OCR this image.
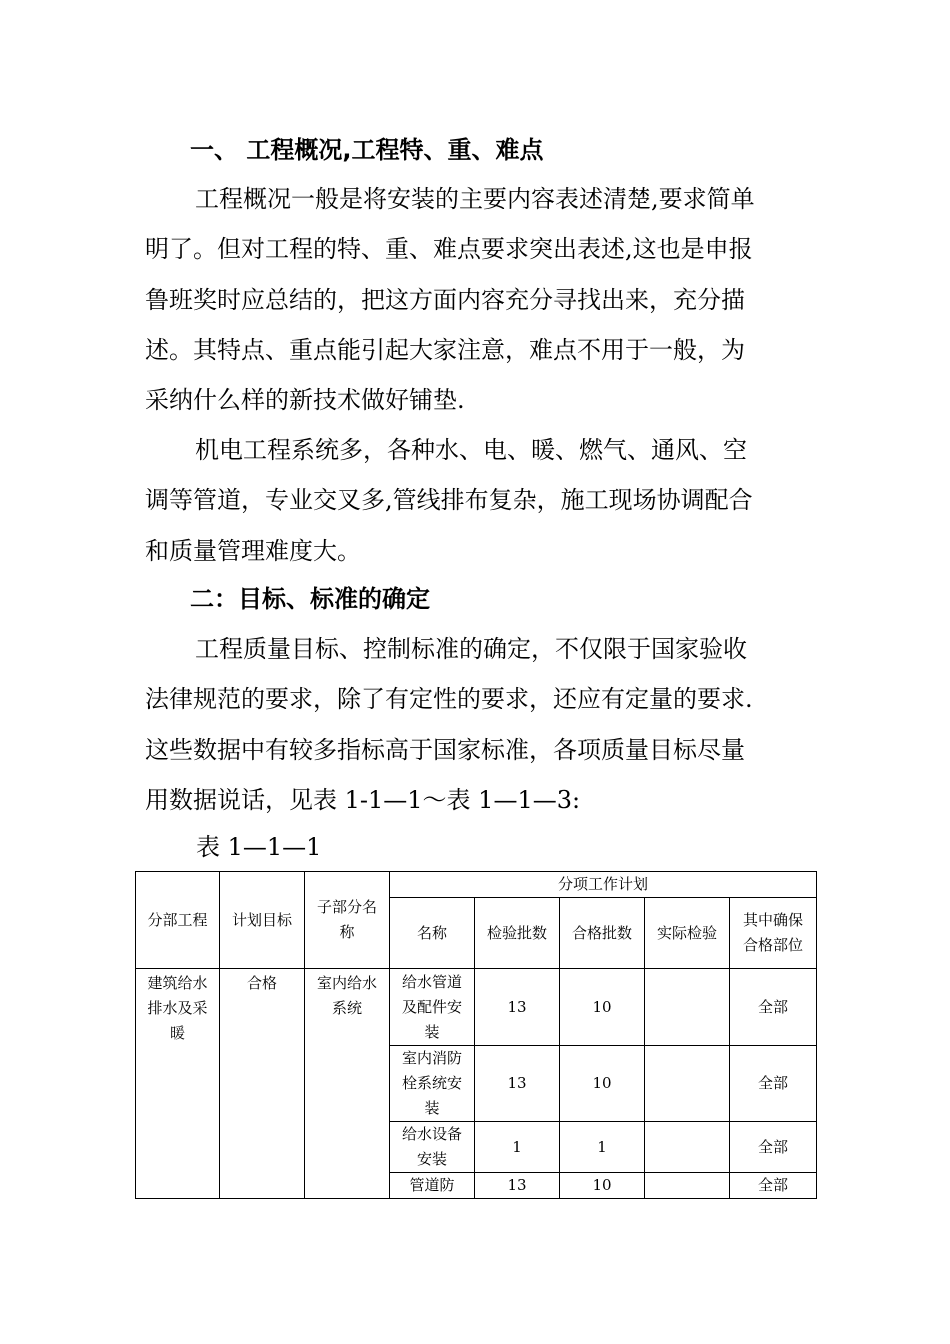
一、 工程概况,工程特、重、难点
工程概况一般是将安装的主要内容表述清楚,要求简单
明了。但对工程的特、重、难点要求突出表述,这也是申报
鲁班奖时应总结的，把这方面内容充分寻找出来，充分描
述。其特点、重点能引起大家注意，难点不用于一般，为
采纳什么样的新技术做好铺垫.
机电工程系统多，各种水、电、暖、燃气、通风、空
调等管道，专业交叉多,管线排布复杂，施工现场协调配合
和质量管理难度大。
二：目标、标准的确定
工程质量目标、控制标准的确定，不仅限于国家验收
法律规范的要求，除了有定性的要求，还应有定量的要求.
这些数据中有较多指标高于国家标准，各项质量目标尽量
用数据说话，见表 1-1—1～表 1—1—3:
表 1—1—1
分部工程	计划目标	子部分名称	分项工作计划				
			名称	检验批数	合格批数	实际检验	其中确保合格部位
建筑给水排水及采暖	合格	室内给水系统	给水管道及配件安装	13	10		全部
			室内消防栓系统安装	13	10		全部
			给水设备安装	1	1		全部
			管道防	13	10		全部
